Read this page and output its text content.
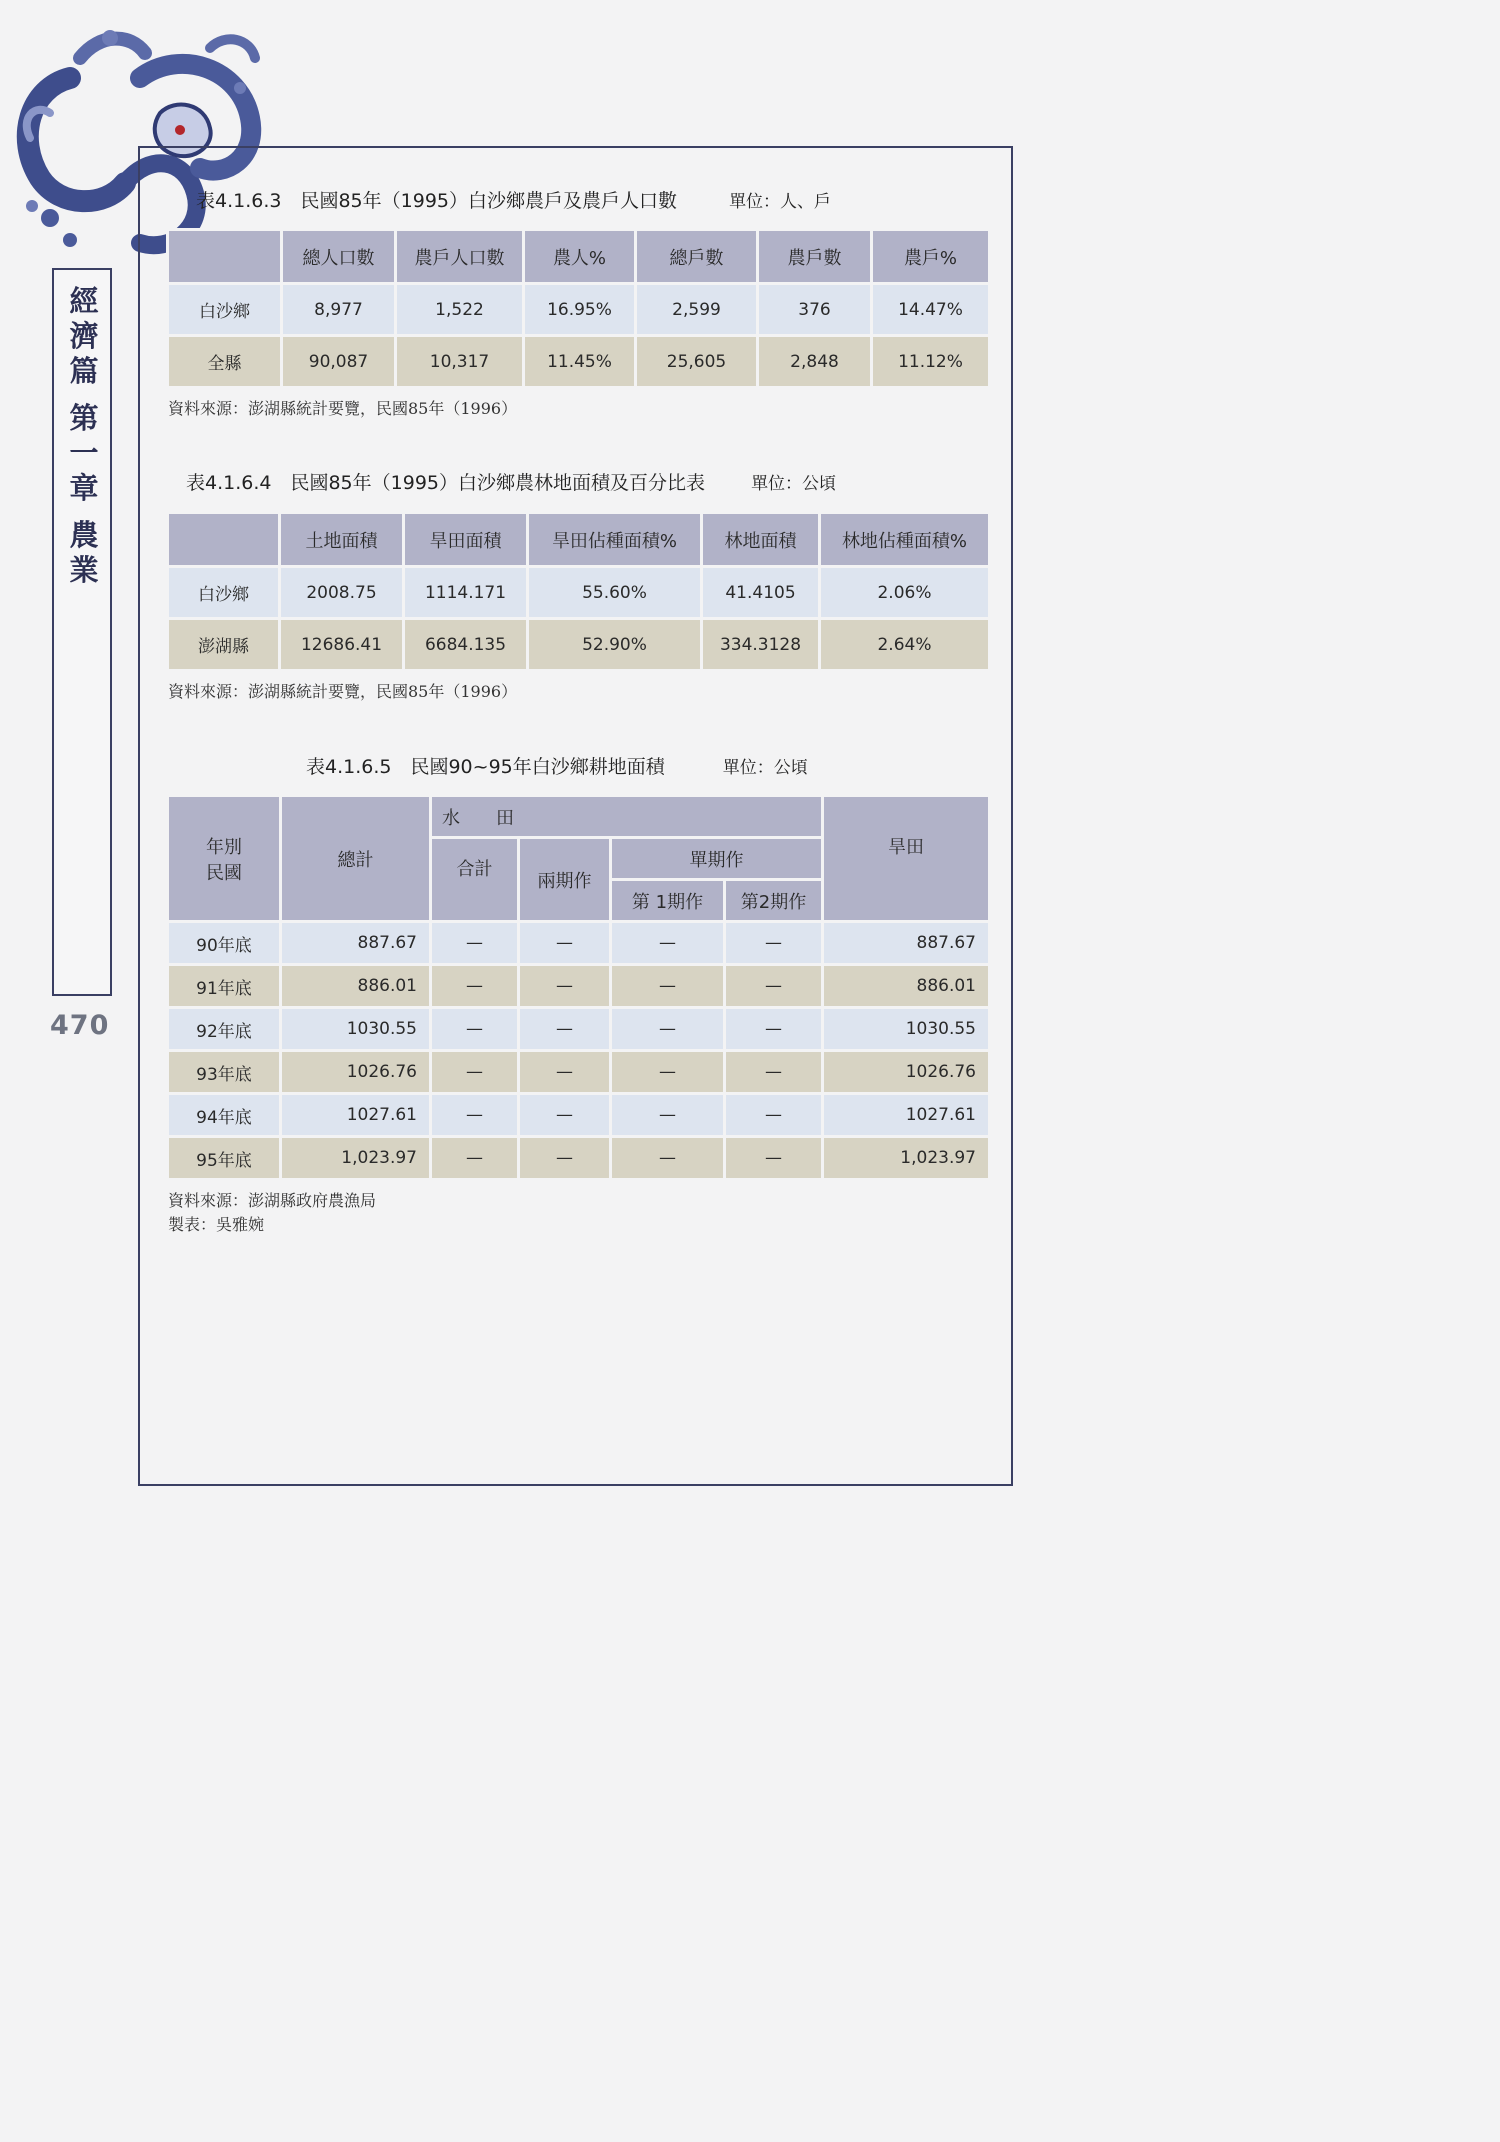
經濟篇
第一章
農業
470
表4.1.6.3　民國85年（1995）白沙鄉農戶及農戶人口數	單位：人、戶
	總人口數	農戶人口數	農人%	總戶數	農戶數	農戶%
白沙鄉	8,977	1,522	16.95%	2,599	376	14.47%
全縣	90,087	10,317	11.45%	25,605	2,848	11.12%
資料來源：澎湖縣統計要覽，民國85年（1996）
表4.1.6.4　民國85年（1995）白沙鄉農林地面積及百分比表	單位：公頃
	土地面積	旱田面積	旱田佔種面積%	林地面積	林地佔種面積%
白沙鄉	2008.75	1114.171	55.60%	41.4105	2.06%
澎湖縣	12686.41	6684.135	52.90%	334.3128	2.64%
資料來源：澎湖縣統計要覽，民國85年（1996）
表4.1.6.5　民國90~95年白沙鄉耕地面積	單位：公頃
年別
民國	總計	水　　田				旱田
		合計	兩期作	單期作		
				第 1期作	第2期作	
90年底	887.67	—	—	—	—	887.67
91年底	886.01	—	—	—	—	886.01
92年底	1030.55	—	—	—	—	1030.55
93年底	1026.76	—	—	—	—	1026.76
94年底	1027.61	—	—	—	—	1027.61
95年底	1,023.97	—	—	—	—	1,023.97
資料來源：澎湖縣政府農漁局
製表：吳雅婉
